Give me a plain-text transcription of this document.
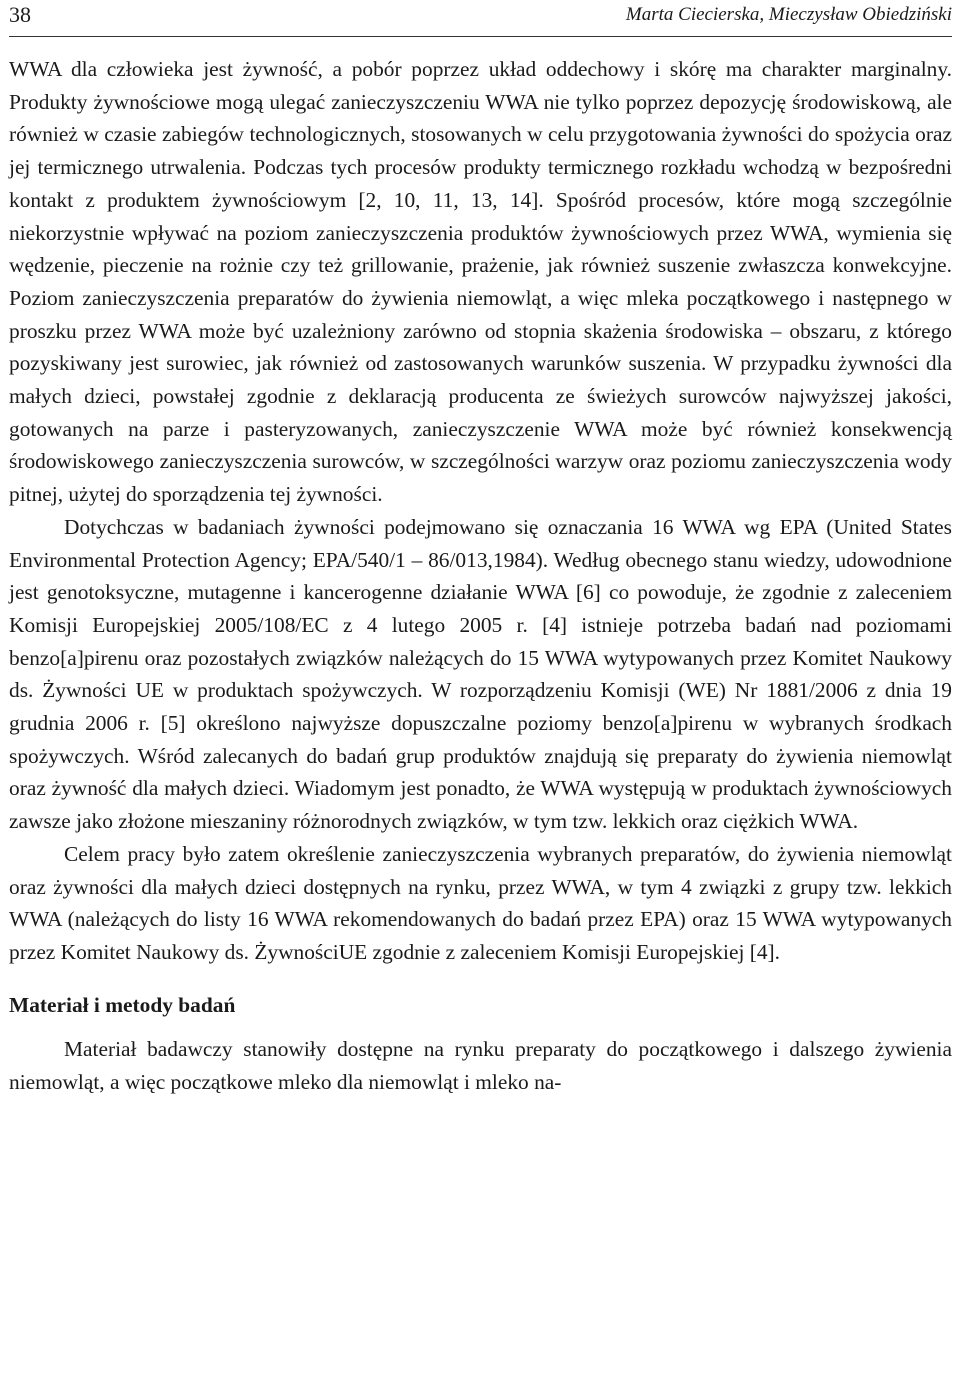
38	Marta Ciecierska, Mieczysław Obiedziński

WWA dla człowieka jest żywność, a pobór poprzez układ oddechowy i skórę ma charakter marginalny. Produkty żywnościowe mogą ulegać zanieczyszczeniu WWA nie tylko poprzez depozycję środowiskową, ale również w czasie zabiegów technologicznych, stosowanych w celu przygotowania żywności do spożycia oraz jej termicznego utrwalenia. Podczas tych procesów produkty termicznego rozkładu wchodzą w bezpośredni kontakt z produktem żywnościowym [2, 10, 11, 13, 14]. Spośród procesów, które mogą szczególnie niekorzystnie wpływać na poziom zanieczyszczenia produktów żywnościowych przez WWA, wymienia się wędzenie, pieczenie na rożnie czy też grillowanie, prażenie, jak również suszenie zwłaszcza konwekcyjne. Poziom zanieczyszczenia preparatów do żywienia niemowląt, a więc mleka początkowego i następnego w proszku przez WWA może być uzależniony zarówno od stopnia skażenia środowiska – obszaru, z którego pozyskiwany jest surowiec, jak również od zastosowanych warunków suszenia. W przypadku żywności dla małych dzieci, powstałej zgodnie z deklaracją producenta ze świeżych surowców najwyższej jakości, gotowanych na parze i pasteryzowanych, zanieczyszczenie WWA może być również konsekwencją środowiskowego zanieczyszczenia surowców, w szczególności warzyw oraz poziomu zanieczyszczenia wody pitnej, użytej do sporządzenia tej żywności.

Dotychczas w badaniach żywności podejmowano się oznaczania 16 WWA wg EPA (United States Environmental Protection Agency; EPA/540/1 – 86/013,1984). Według obecnego stanu wiedzy, udowodnione jest genotoksyczne, mutagenne i kancerogenne działanie WWA [6] co powoduje, że zgodnie z zaleceniem Komisji Europejskiej 2005/108/EC z 4 lutego 2005 r. [4] istnieje potrzeba badań nad poziomami benzo[a]pirenu oraz pozostałych związków należących do 15 WWA wytypowanych przez Komitet Naukowy ds. Żywności UE w produktach spożywczych. W rozporządzeniu Komisji (WE) Nr 1881/2006 z dnia 19 grudnia 2006 r. [5] określono najwyższe dopuszczalne poziomy benzo[a]pirenu w wybranych środkach spożywczych. Wśród zalecanych do badań grup produktów znajdują się preparaty do żywienia niemowląt oraz żywność dla małych dzieci. Wiadomym jest ponadto, że WWA występują w produktach żywnościowych zawsze jako złożone mieszaniny różnorodnych związków, w tym tzw. lekkich oraz ciężkich WWA.

Celem pracy było zatem określenie zanieczyszczenia wybranych preparatów, do żywienia niemowląt oraz żywności dla małych dzieci dostępnych na rynku, przez WWA, w tym 4 związki z grupy tzw. lekkich WWA (należących do listy 16 WWA rekomendowanych do badań przez EPA) oraz 15 WWA wytypowanych przez Komitet Naukowy ds. ŻywnościUE zgodnie z zaleceniem Komisji Europejskiej [4].

Materiał i metody badań

Materiał badawczy stanowiły dostępne na rynku preparaty do początkowego i dalszego żywienia niemowląt, a więc początkowe mleko dla niemowląt i mleko na-
